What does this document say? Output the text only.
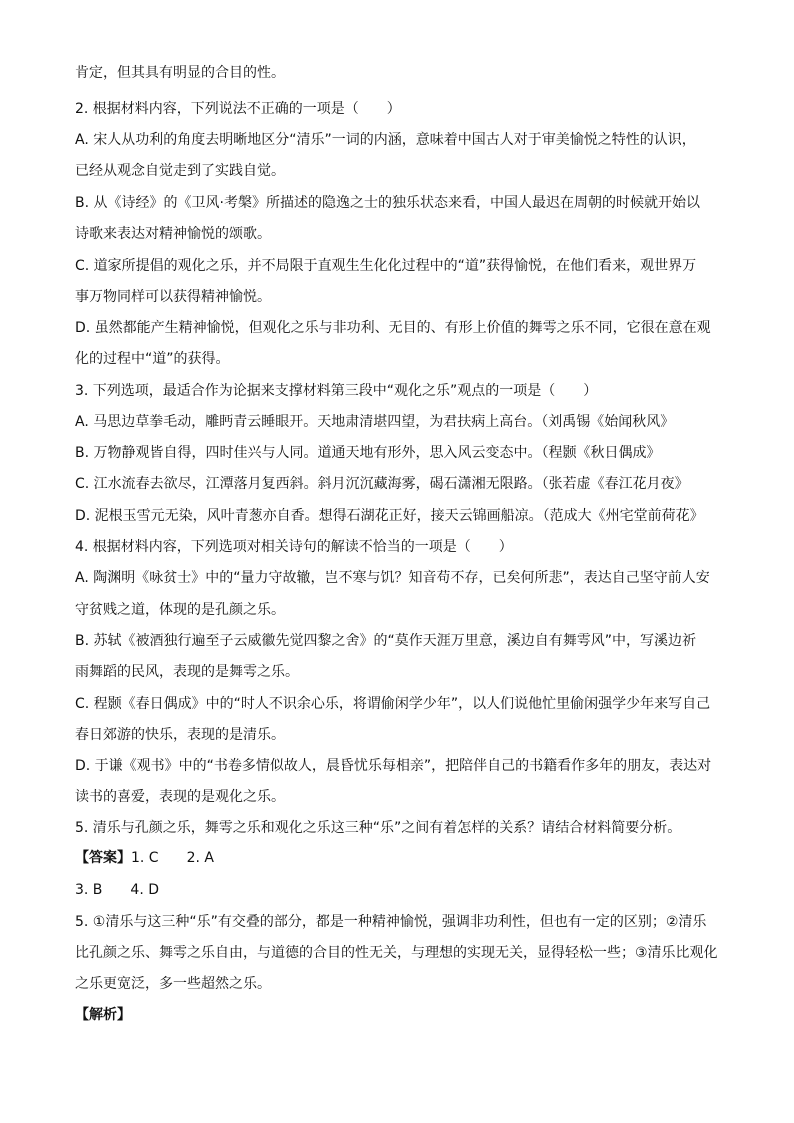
肯定，但其具有明显的合目的性。
2. 根据材料内容，下列说法不正确的一项是（　　）
A. 宋人从功利的角度去明晰地区分“清乐”一词的内涵，意味着中国古人对于审美愉悦之特性的认识，
已经从观念自觉走到了实践自觉。
B. 从《诗经》的《卫风·考槃》所描述的隐逸之士的独乐状态来看，中国人最迟在周朝的时候就开始以
诗歌来表达对精神愉悦的颂歌。
C. 道家所提倡的观化之乐，并不局限于直观生生化化过程中的“道”获得愉悦，在他们看来，观世界万
事万物同样可以获得精神愉悦。
D. 虽然都能产生精神愉悦，但观化之乐与非功利、无目的、有形上价值的舞雩之乐不同，它很在意在观
化的过程中“道”的获得。
3. 下列选项，最适合作为论据来支撑材料第三段中“观化之乐”观点的一项是（　　）
A. 马思边草拳毛动，雕眄青云睡眼开。天地肃清堪四望，为君扶病上高台。（刘禹锡《始闻秋风》
B. 万物静观皆自得，四时佳兴与人同。道通天地有形外，思入风云变态中。（程颢《秋日偶成》
C. 江水流春去欲尽，江潭落月复西斜。斜月沉沉藏海雾，碣石潇湘无限路。（张若虚《春江花月夜》
D. 泥根玉雪元无染，风叶青葱亦自香。想得石湖花正好，接天云锦画船凉。（范成大《州宅堂前荷花》
4. 根据材料内容，下列选项对相关诗句的解读不恰当的一项是（　　）
A. 陶渊明《咏贫士》中的“量力守故辙，岂不寒与饥？知音苟不存，已矣何所悲”，表达自己坚守前人安
守贫贱之道，体现的是孔颜之乐。
B. 苏轼《被酒独行遍至子云威徽先觉四黎之舍》的“莫作天涯万里意，溪边自有舞雩风”中，写溪边祈
雨舞蹈的民风，表现的是舞雩之乐。
C. 程颢《春日偶成》中的“时人不识余心乐，将谓偷闲学少年”，以人们说他忙里偷闲强学少年来写自己
春日郊游的快乐，表现的是清乐。
D. 于谦《观书》中的“书卷多情似故人，晨昏忧乐每相亲”，把陪伴自己的书籍看作多年的朋友，表达对
读书的喜爱，表现的是观化之乐。
5. 清乐与孔颜之乐，舞雩之乐和观化之乐这三种“乐”之间有着怎样的关系？请结合材料简要分析。
【答案】1. C　　2. A
3. B　　4. D
5. ①清乐与这三种“乐”有交叠的部分，都是一种精神愉悦，强调非功利性，但也有一定的区别；②清乐
比孔颜之乐、舞雩之乐自由，与道德的合目的性无关，与理想的实现无关，显得轻松一些；③清乐比观化
之乐更宽泛，多一些超然之乐。
【解析】
